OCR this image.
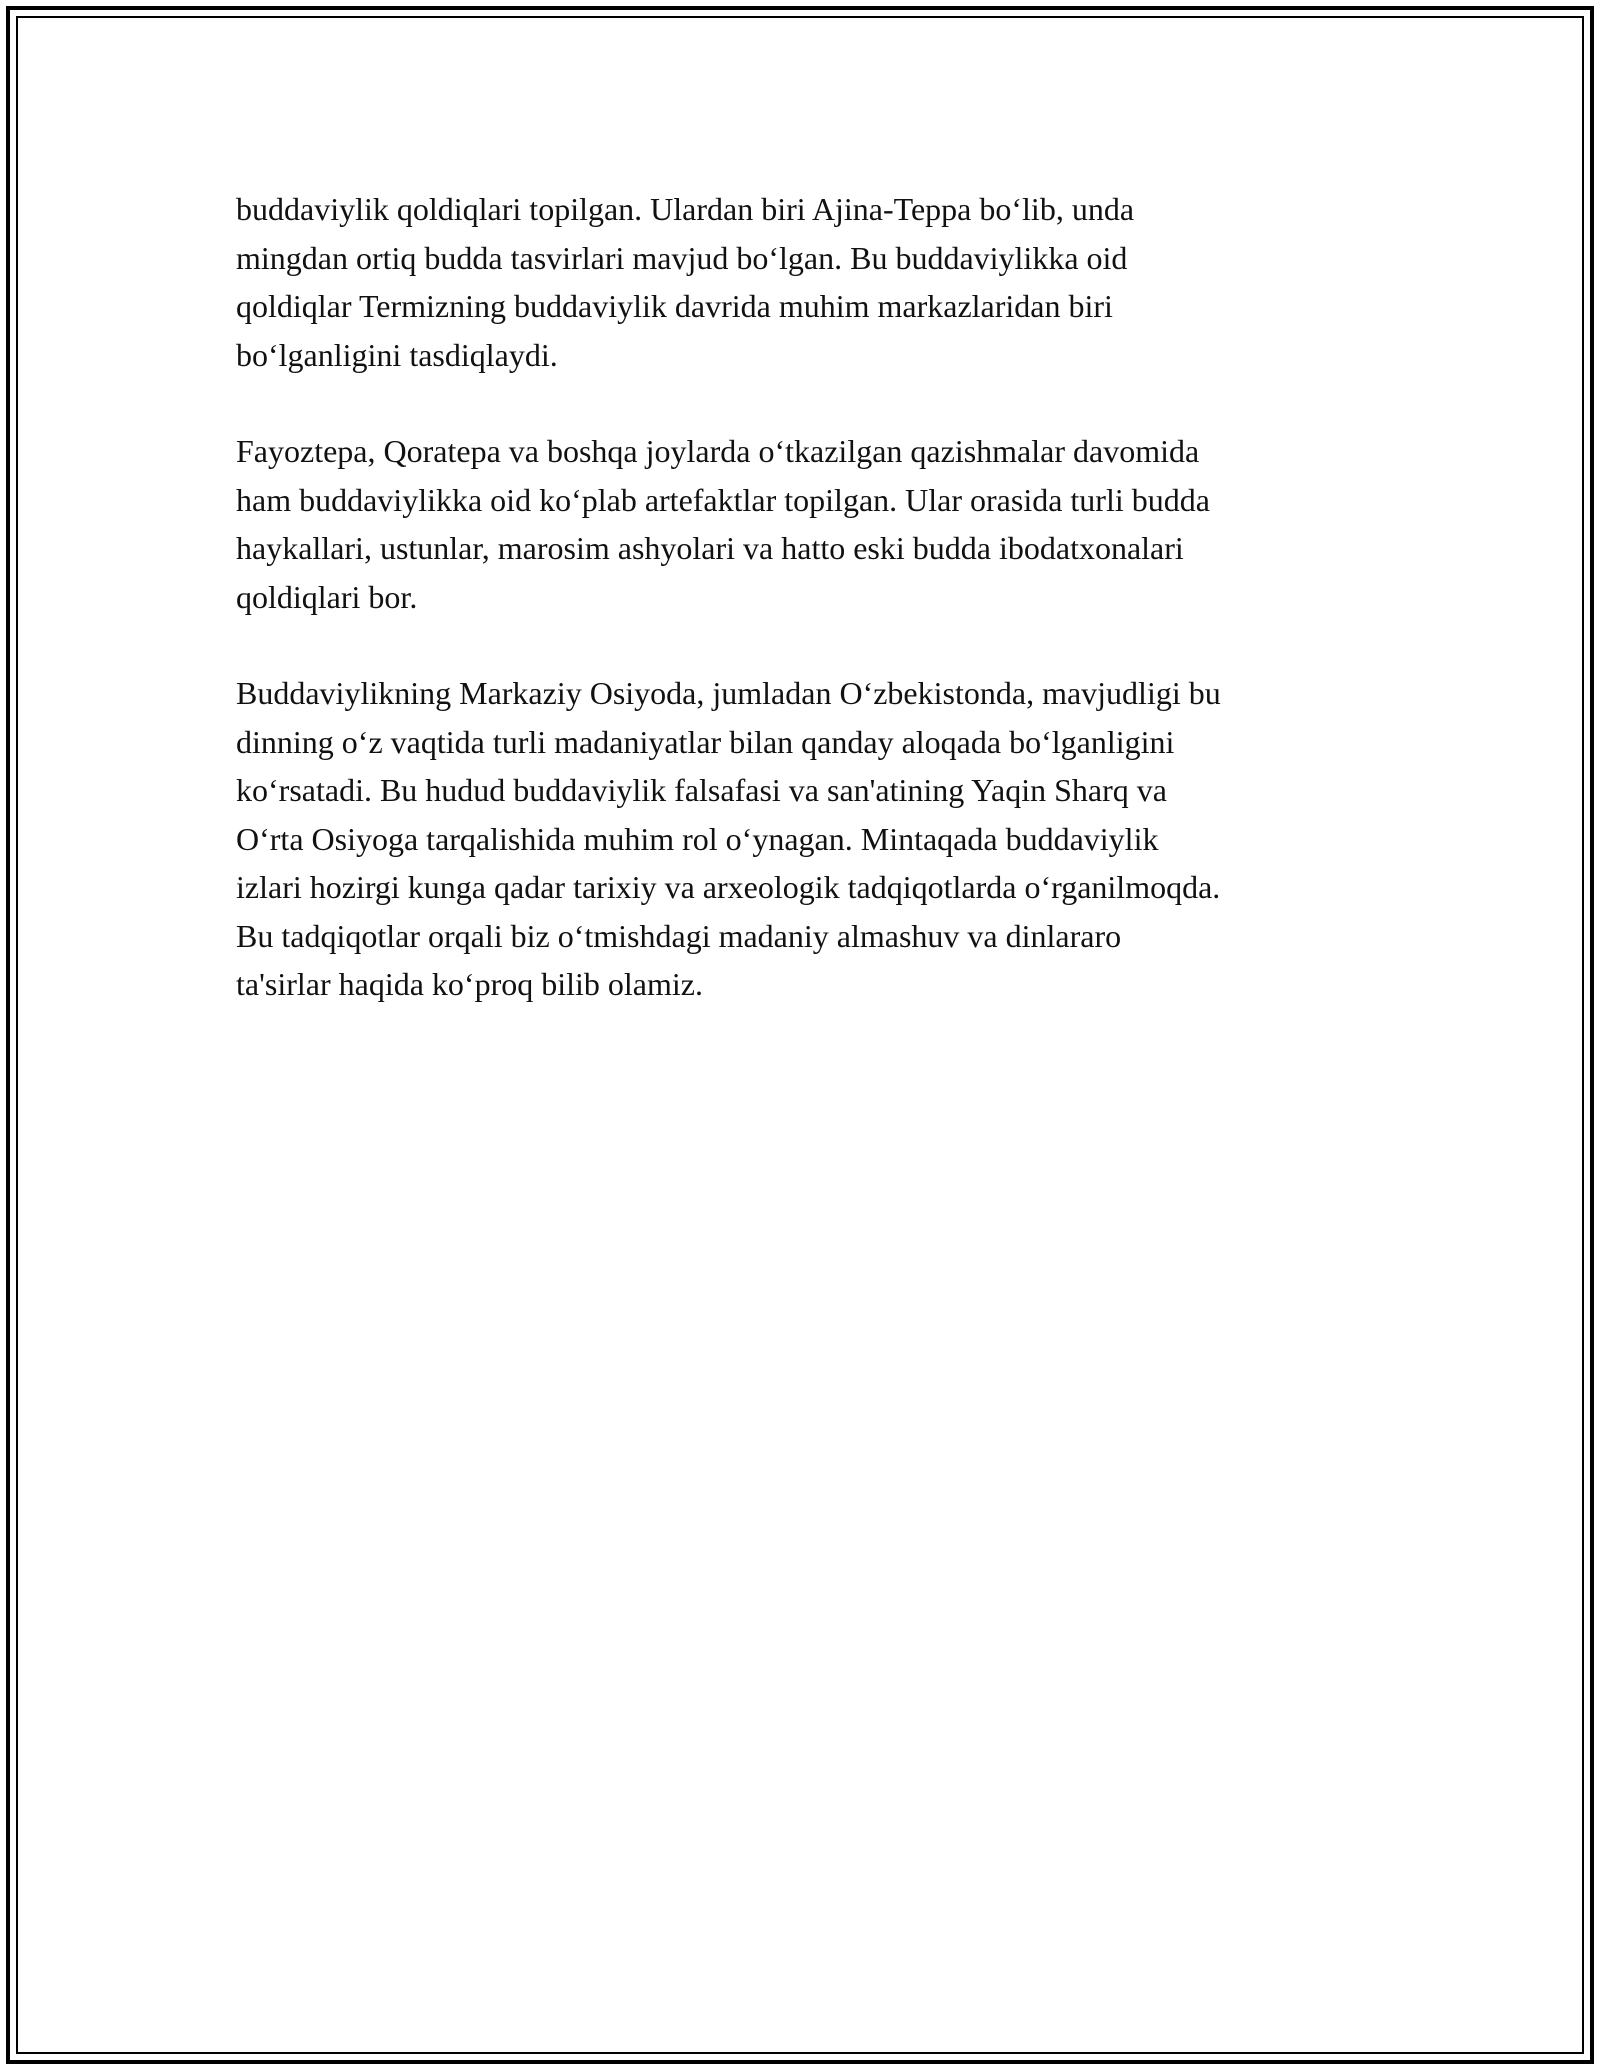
buddaviylik qoldiqlari topilgan. Ulardan biri Ajina-Teppa bo‘lib, unda
mingdan ortiq budda tasvirlari mavjud bo‘lgan. Bu buddaviylikka oid
qoldiqlar Termizning buddaviylik davrida muhim markazlaridan biri
bo‘lganligini tasdiqlaydi.

Fayoztepa, Qoratepa va boshqa joylarda o‘tkazilgan qazishmalar davomida
ham buddaviylikka oid ko‘plab artefaktlar topilgan. Ular orasida turli budda
haykallari, ustunlar, marosim ashyolari va hatto eski budda ibodatxonalari
qoldiqlari bor.

Buddaviylikning Markaziy Osiyoda, jumladan O‘zbekistonda, mavjudligi bu
dinning o‘z vaqtida turli madaniyatlar bilan qanday aloqada bo‘lganligini
ko‘rsatadi. Bu hudud buddaviylik falsafasi va san'atining Yaqin Sharq va
O‘rta Osiyoga tarqalishida muhim rol o‘ynagan. Mintaqada buddaviylik
izlari hozirgi kunga qadar tarixiy va arxeologik tadqiqotlarda o‘rganilmoqda.
Bu tadqiqotlar orqali biz o‘tmishdagi madaniy almashuv va dinlararo
ta'sirlar haqida ko‘proq bilib olamiz.
